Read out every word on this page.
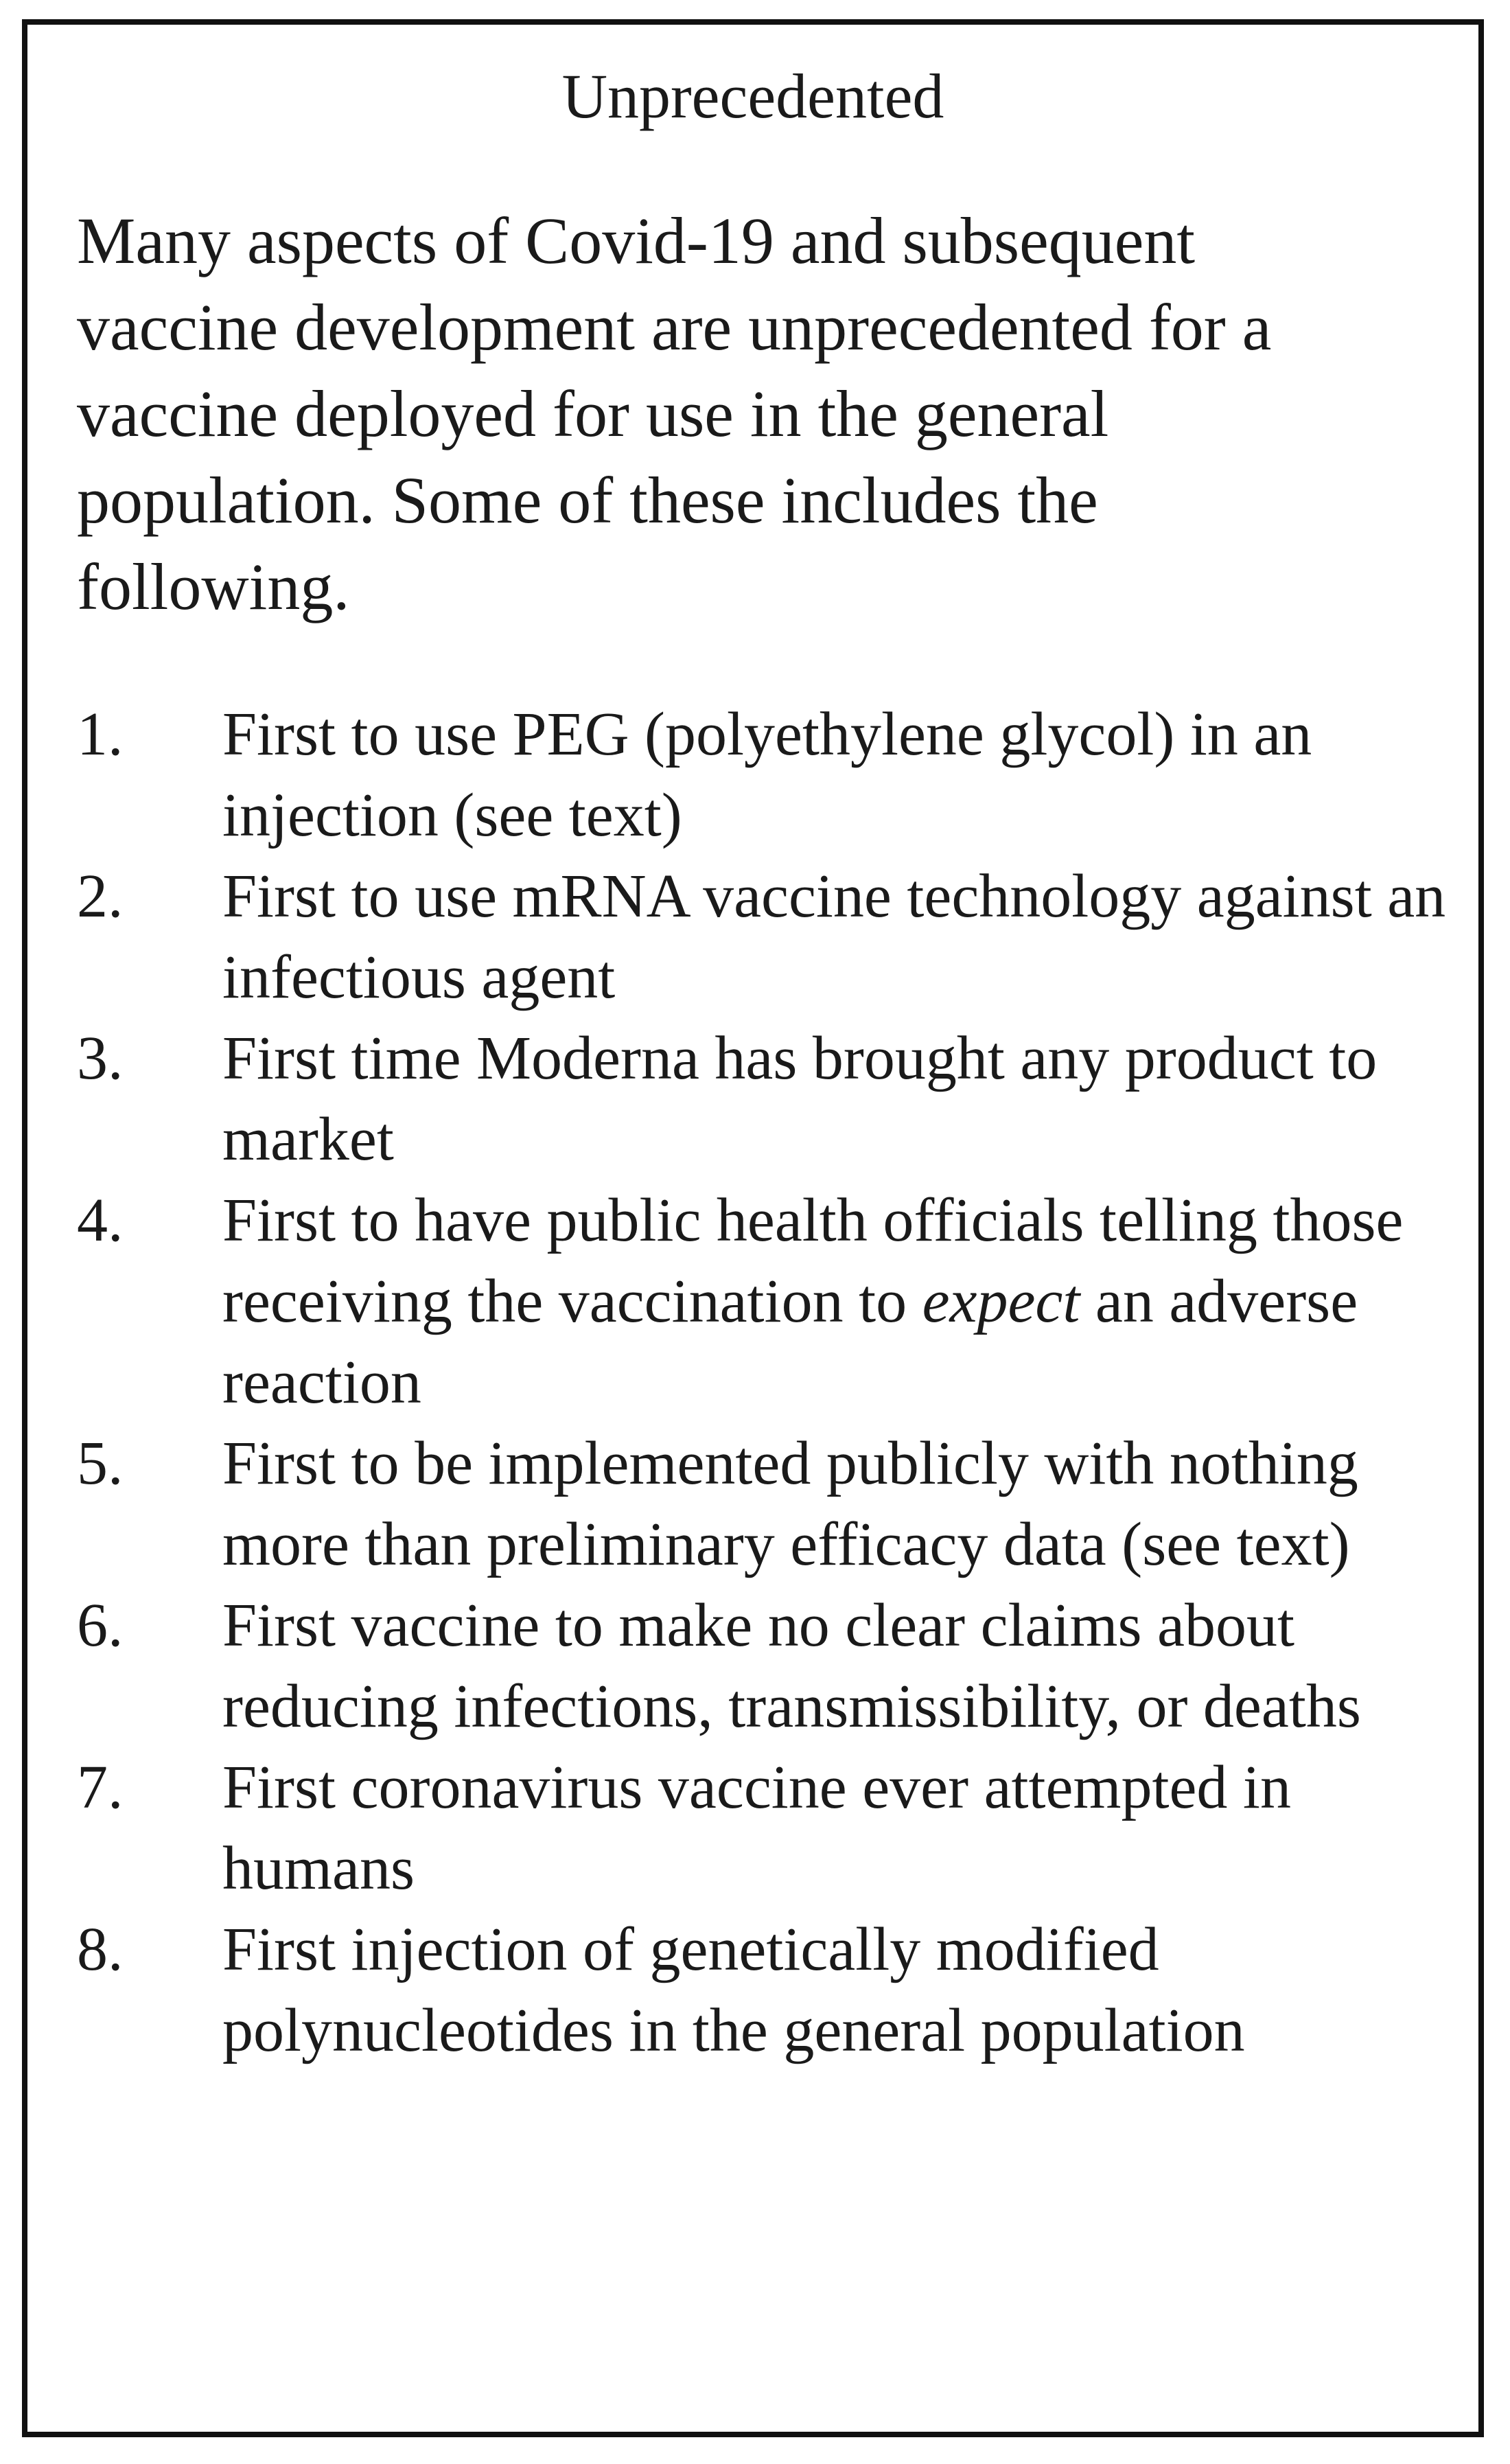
Unprecedented

Many aspects of Covid-19 and subsequent vaccine development are unprecedented for a vaccine deployed for use in the general population. Some of these includes the following.

1.	First to use PEG (polyethylene glycol) in an injection (see text)
2.	First to use mRNA vaccine technology against an infectious agent
3.	First time Moderna has brought any product to market
4.	First to have public health officials telling those receiving the vaccination to expect an adverse reaction
5.	First to be implemented publicly with nothing more than preliminary efficacy data (see text)
6.	First vaccine to make no clear claims about reducing infections, transmissibility, or deaths
7.	First coronavirus vaccine ever attempted in humans
8.	First injection of genetically modified polynucleotides in the general population
